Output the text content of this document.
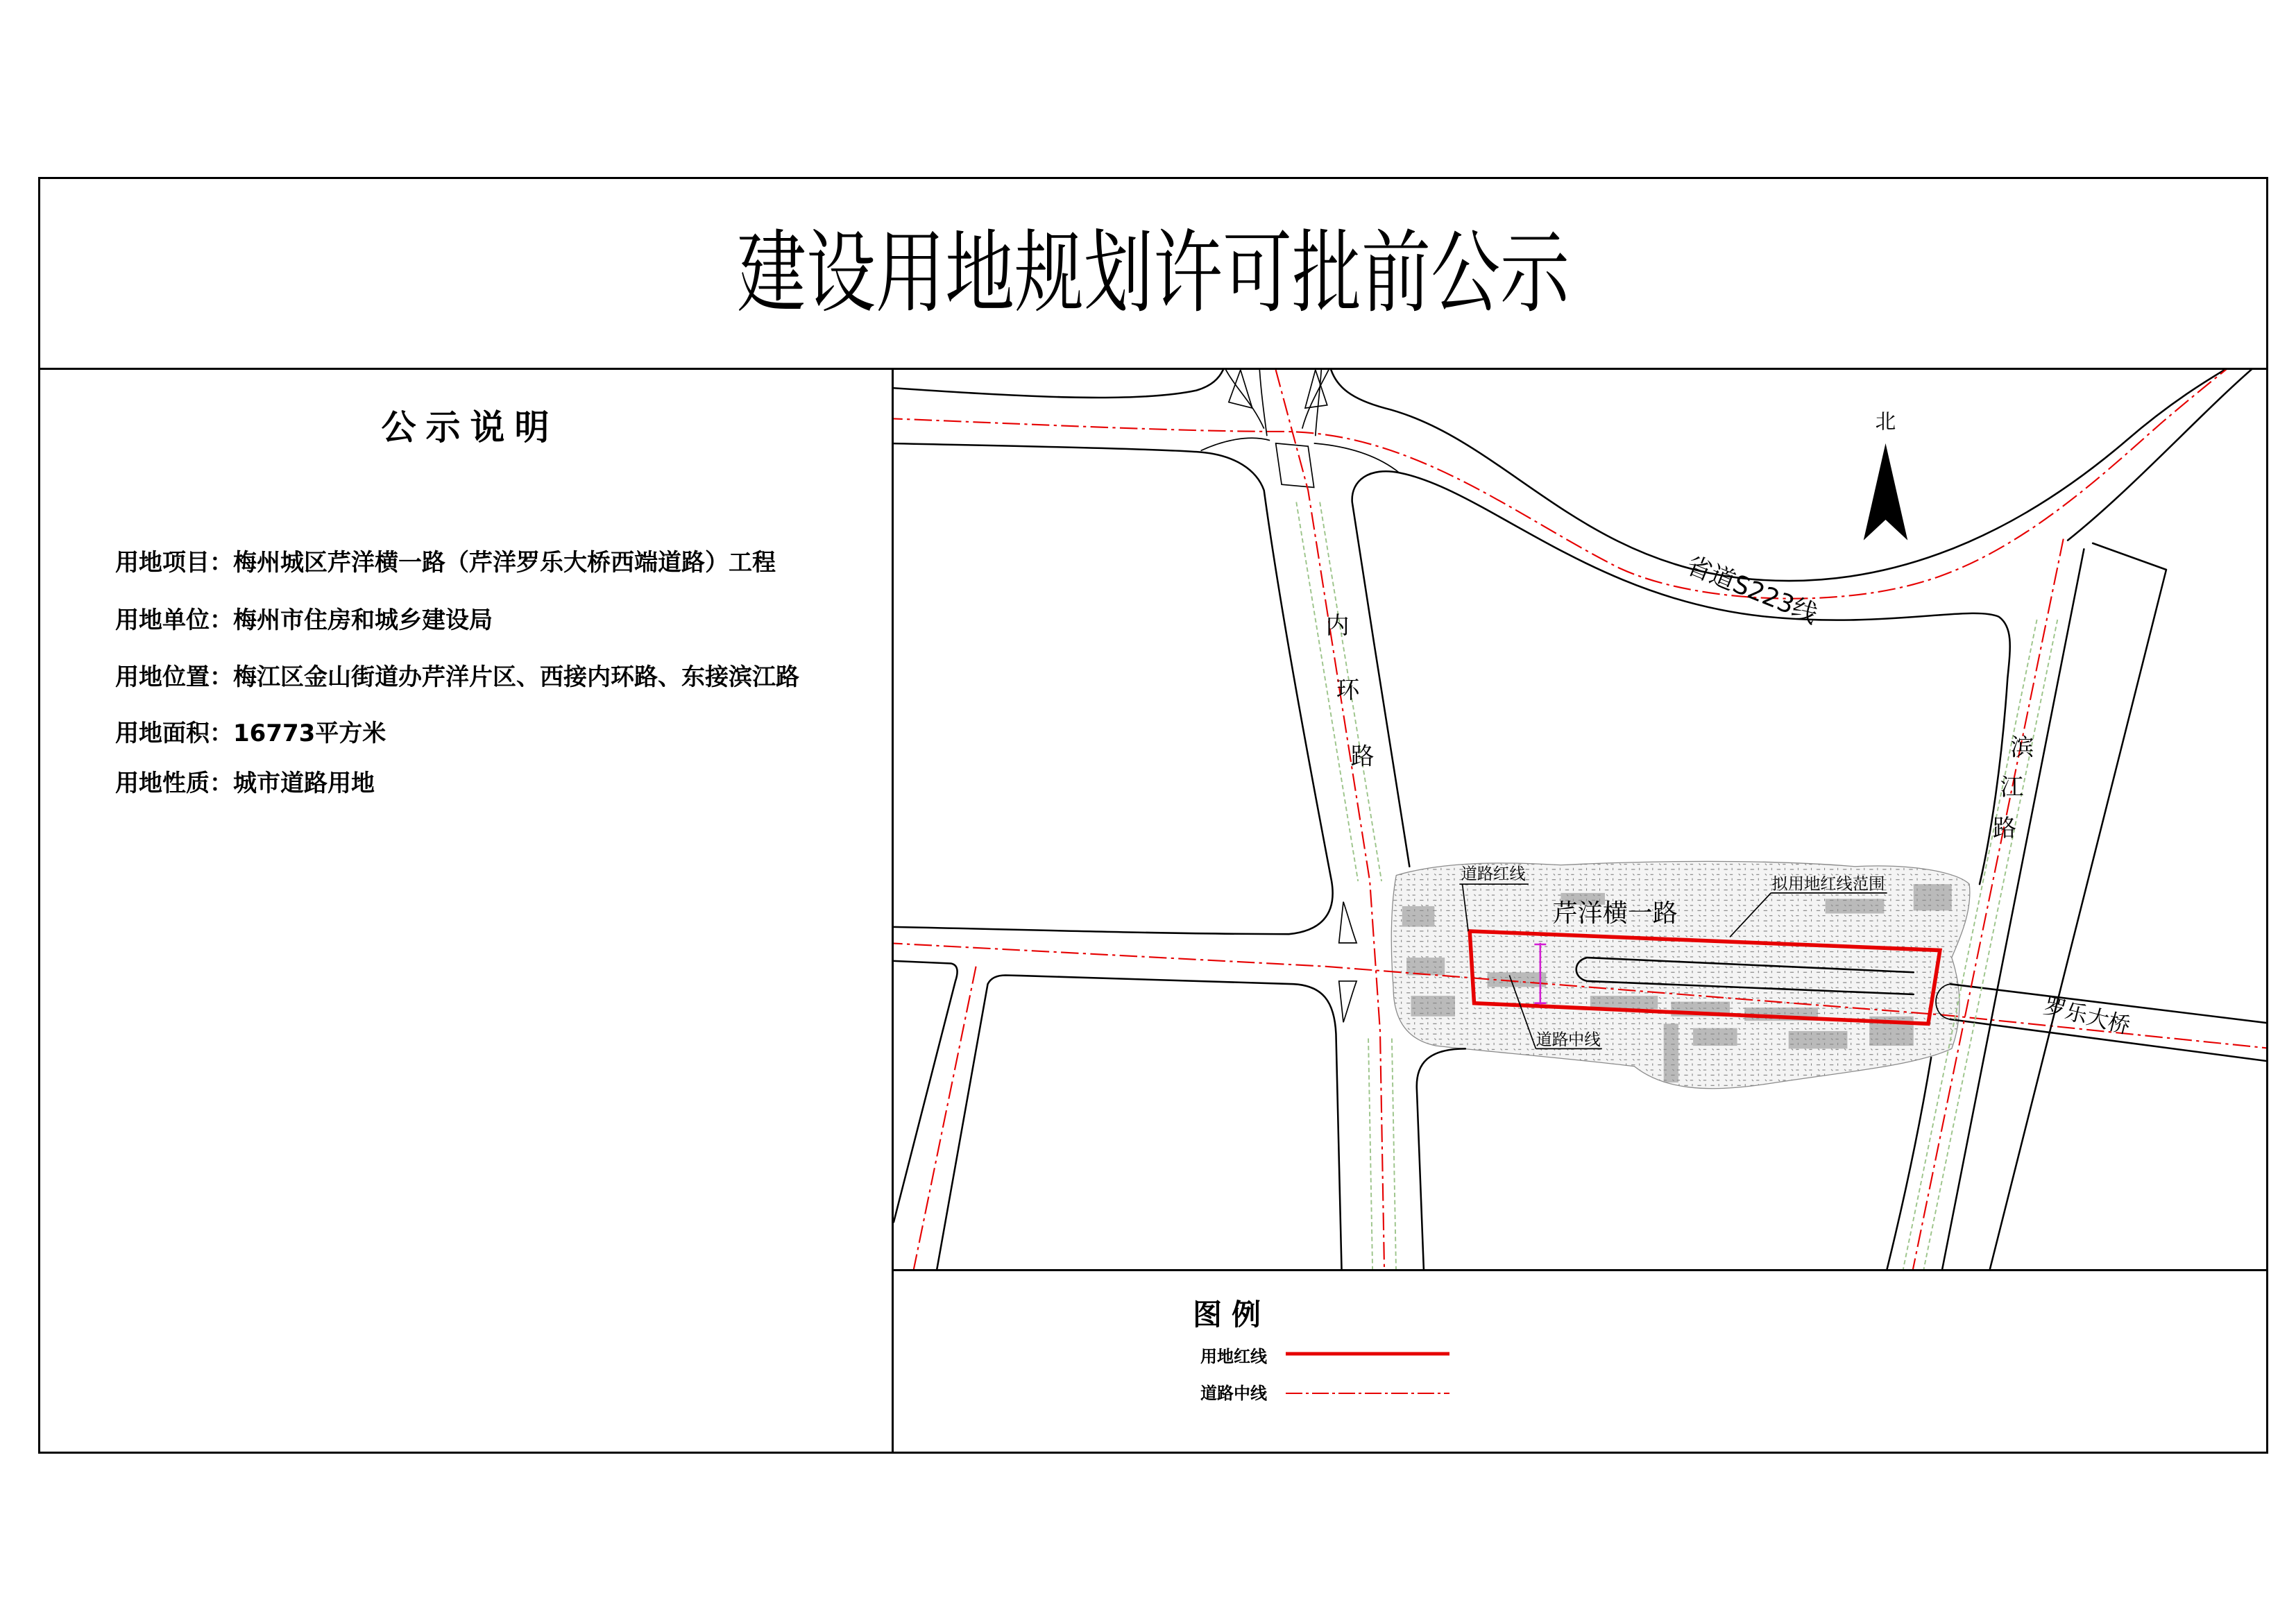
建设用地规划许可批前公示
公示说明
用地项目：梅州城区芹洋横一路（芹洋罗乐大桥西端道路）工程
用地单位：梅州市住房和城乡建设局
用地位置：梅江区金山街道办芹洋片区、西接内环路、东接滨江路
用地面积：16773平方米
用地性质：城市道路用地
北
省道S223线
内
环
路	滨
江
路
芹洋横一路
罗乐大桥
道路红线
拟用地红线范围
道路中线
图例
用地红线
道路中线
